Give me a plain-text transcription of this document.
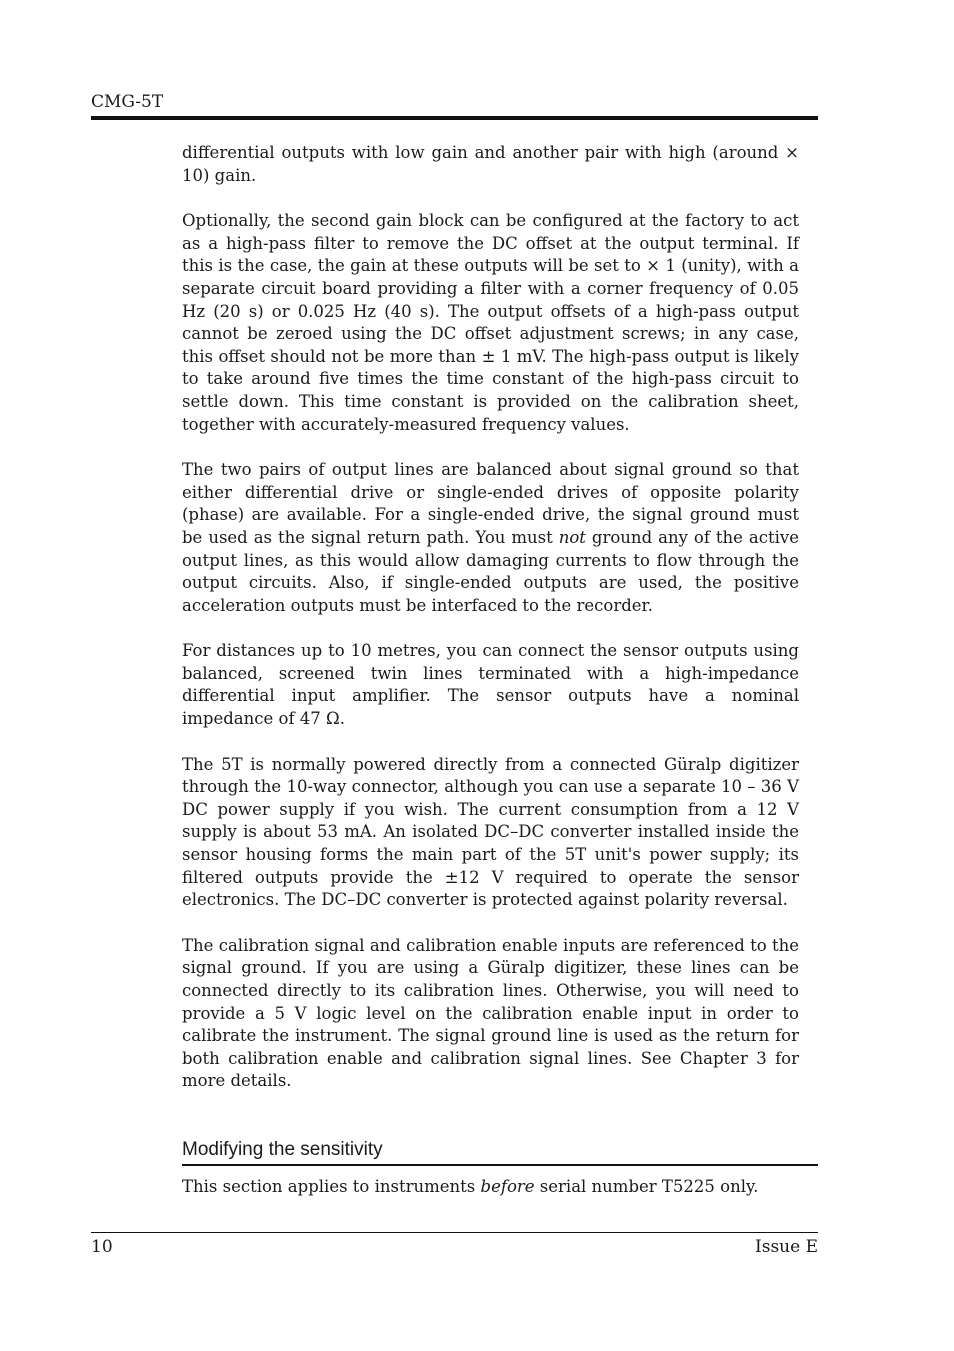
CMG-5T

differential outputs with low gain and another pair with high (around × 10) gain.

Optionally, the second gain block can be configured at the factory to act as a high-pass filter to remove the DC offset at the output terminal. If this is the case, the gain at these outputs will be set to × 1 (unity), with a separate circuit board providing a filter with a corner frequency of 0.05 Hz (20 s) or 0.025 Hz (40 s). The output offsets of a high-pass output cannot be zeroed using the DC offset adjustment screws; in any case, this offset should not be more than ± 1 mV. The high-pass output is likely to take around five times the time constant of the high-pass circuit to settle down. This time constant is provided on the calibration sheet, together with accurately-measured frequency values.

The two pairs of output lines are balanced about signal ground so that either differential drive or single-ended drives of opposite polarity (phase) are available. For a single-ended drive, the signal ground must be used as the signal return path. You must not ground any of the active output lines, as this would allow damaging currents to flow through the output circuits. Also, if single-ended outputs are used, the positive acceleration outputs must be interfaced to the recorder.

For distances up to 10 metres, you can connect the sensor outputs using balanced, screened twin lines terminated with a high-impedance differential input amplifier. The sensor outputs have a nominal impedance of 47 Ω.

The 5T is normally powered directly from a connected Güralp digitizer through the 10-way connector, although you can use a separate 10 – 36 V DC power supply if you wish. The current consumption from a 12 V supply is about 53 mA. An isolated DC–DC converter installed inside the sensor housing forms the main part of the 5T unit's power supply; its filtered outputs provide the ±12 V required to operate the sensor electronics. The DC–DC converter is protected against polarity reversal.

The calibration signal and calibration enable inputs are referenced to the signal ground. If you are using a Güralp digitizer, these lines can be connected directly to its calibration lines. Otherwise, you will need to provide a 5 V logic level on the calibration enable input in order to calibrate the instrument. The signal ground line is used as the return for both calibration enable and calibration signal lines. See Chapter 3 for more details.

Modifying the sensitivity

This section applies to instruments before serial number T5225 only.

10	Issue E
